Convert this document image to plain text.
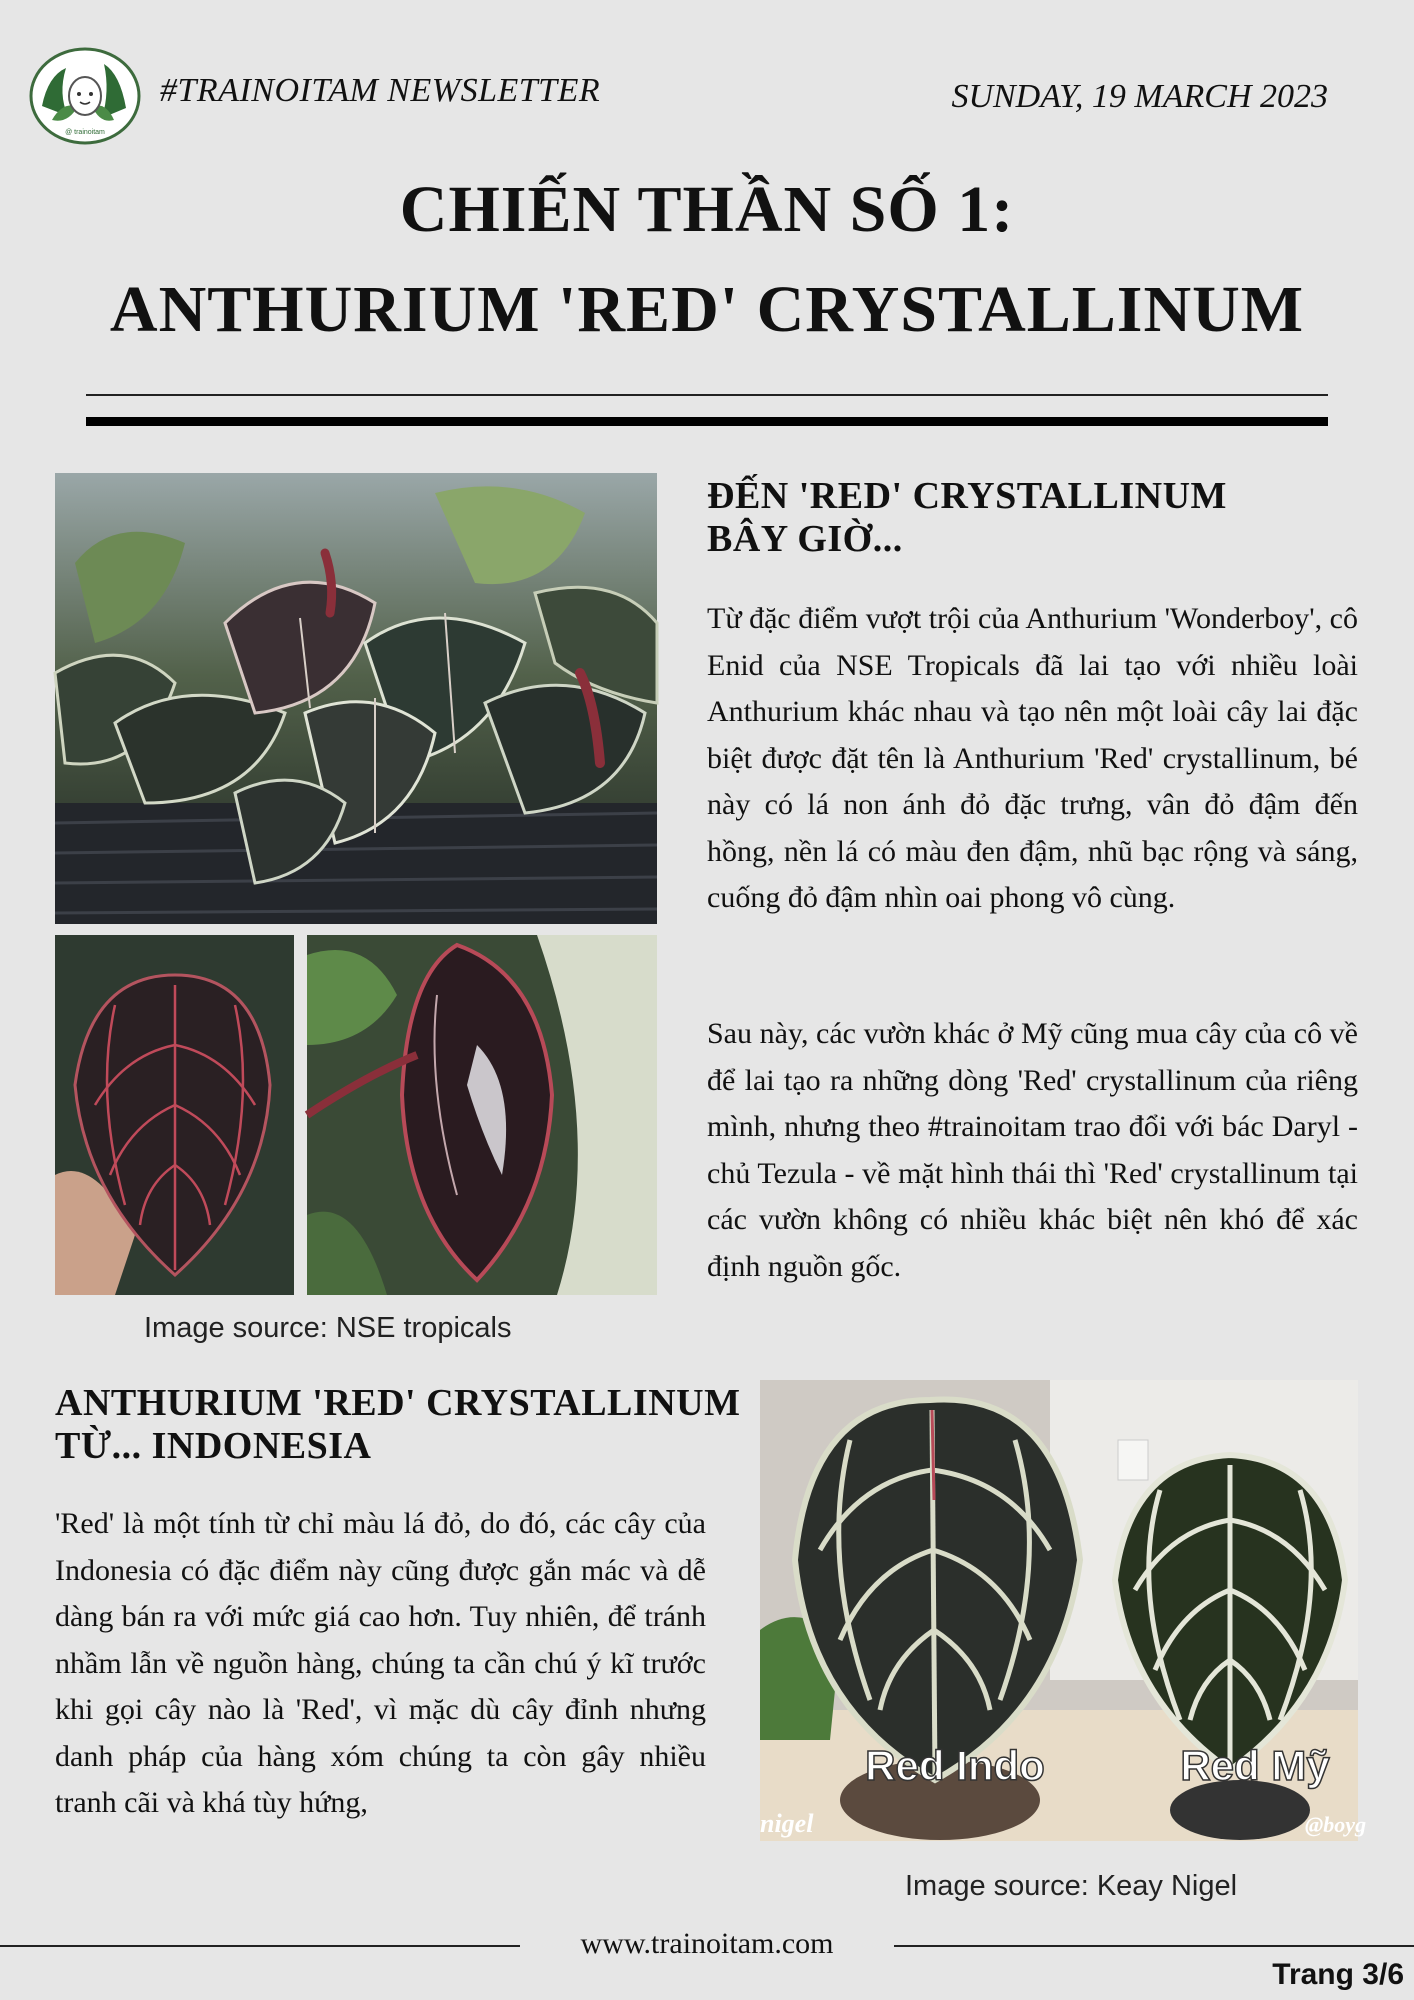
@ trainoitam
#TRAINOITAM NEWSLETTER	SUNDAY, 19 MARCH 2023
CHIẾN THẦN SỐ 1:
ANTHURIUM 'RED' CRYSTALLINUM
Image source: NSE tropicals
ĐẾN 'RED' CRYSTALLINUM
BÂY GIỜ...
Từ đặc điểm vượt trội của Anthurium 'Wonderboy', cô Enid của NSE Tropicals đã lai tạo với nhiều loài Anthurium khác nhau và tạo nên một loài cây lai đặc biệt được đặt tên là Anthurium 'Red' crystallinum, bé này có lá non ánh đỏ đặc trưng, vân đỏ đậm đến hồng, nền lá có màu đen đậm, nhũ bạc rộng và sáng, cuống đỏ đậm nhìn oai phong vô cùng.
Sau này, các vườn khác ở Mỹ cũng mua cây của cô về để lai tạo ra những dòng 'Red' crystallinum của riêng mình, nhưng theo #trainoitam trao đổi với bác Daryl - chủ Tezula - về mặt hình thái thì 'Red' crystallinum tại các vườn không có nhiều khác biệt nên khó để xác định nguồn gốc.
ANTHURIUM 'RED' CRYSTALLINUM
TỪ... INDONESIA
'Red' là một tính từ chỉ màu lá đỏ, do đó, các cây của Indonesia có đặc điểm này cũng được gắn mác và dễ dàng bán ra với mức giá cao hơn. Tuy nhiên, để tránh nhầm lẫn về nguồn hàng, chúng ta cần chú ý kĩ trước khi gọi cây nào là 'Red', vì mặc dù cây đỉnh nhưng danh pháp của hàng xóm chúng ta còn gây nhiều tranh cãi và khá tùy hứng,
Red Indo	Red Mỹ
nigel	@boyg
Image source: Keay Nigel
www.trainoitam.com
Trang 3/6
